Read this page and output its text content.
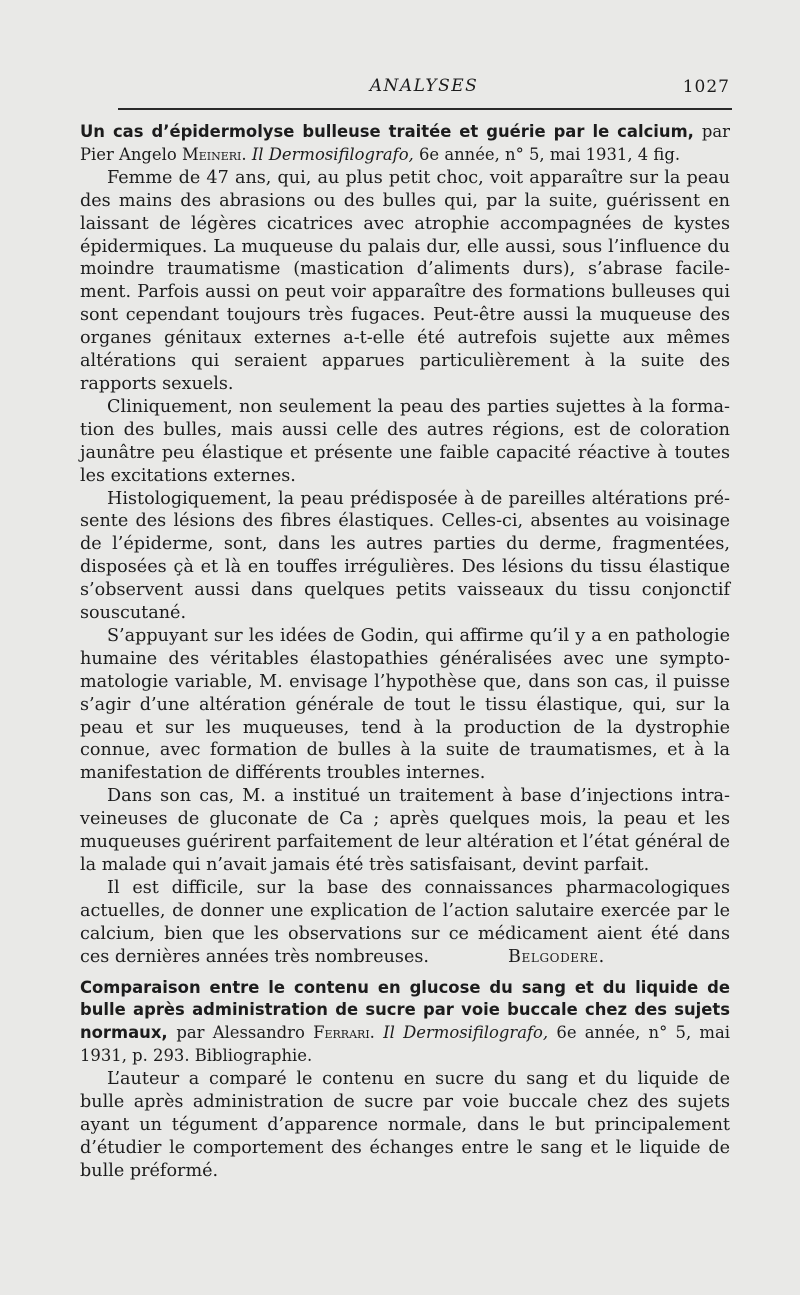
ANALYSES	1027
Un cas d’épidermolyse bulleuse traitée et guérie par le calcium, par Pier Angelo Meineri. Il Dermosifilografo, 6e année, n° 5, mai 1931, 4 fig.

Femme de 47 ans, qui, au plus petit choc, voit apparaître sur la peau des mains des abrasions ou des bulles qui, par la suite, guérissent en laissant de légères cicatrices avec atrophie accompagnées de kystes épidermiques. La muqueuse du palais dur, elle aussi, sous l’influence du moindre traumatisme (mastication d’aliments durs), s’abrase facilement. Parfois aussi on peut voir apparaître des formations bulleuses qui sont cependant toujours très fugaces. Peut-être aussi la muqueuse des organes génitaux externes a-t-elle été autrefois sujette aux mêmes altérations qui seraient apparues particulièrement à la suite des rapports sexuels.

Cliniquement, non seulement la peau des parties sujettes à la formation des bulles, mais aussi celle des autres régions, est de coloration jaunâtre peu élastique et présente une faible capacité réactive à toutes les excitations externes.

Histologiquement, la peau prédisposée à de pareilles altérations présente des lésions des fibres élastiques. Celles-ci, absentes au voisinage de l’épiderme, sont, dans les autres parties du derme, fragmentées, disposées çà et là en touffes irrégulières. Des lésions du tissu élastique s’observent aussi dans quelques petits vaisseaux du tissu conjonctif souscutané.

S’appuyant sur les idées de Godin, qui affirme qu’il y a en pathologie humaine des véritables élastopathies généralisées avec une symptomatologie variable, M. envisage l’hypothèse que, dans son cas, il puisse s’agir d’une altération générale de tout le tissu élastique, qui, sur la peau et sur les muqueuses, tend à la production de la dystrophie connue, avec formation de bulles à la suite de traumatismes, et à la manifestation de différents troubles internes.

Dans son cas, M. a institué un traitement à base d’injections intraveineuses de gluconate de Ca ; après quelques mois, la peau et les muqueuses guérirent parfaitement de leur altération et l’état général de la malade qui n’avait jamais été très satisfaisant, devint parfait.

Il est difficile, sur la base des connaissances pharmacologiques actuelles, de donner une explication de l’action salutaire exercée par le calcium, bien que les observations sur ce médicament aient été dans ces dernières années très nombreuses.	Belgodere.

Comparaison entre le contenu en glucose du sang et du liquide de bulle après administration de sucre par voie buccale chez des sujets normaux, par Alessandro Ferrari. Il Dermosifilografo, 6e année, n° 5, mai 1931, p. 293. Bibliographie.

L’auteur a comparé le contenu en sucre du sang et du liquide de bulle après administration de sucre par voie buccale chez des sujets ayant un tégument d’apparence normale, dans le but principalement d’étudier le comportement des échanges entre le sang et le liquide de bulle préformé.
